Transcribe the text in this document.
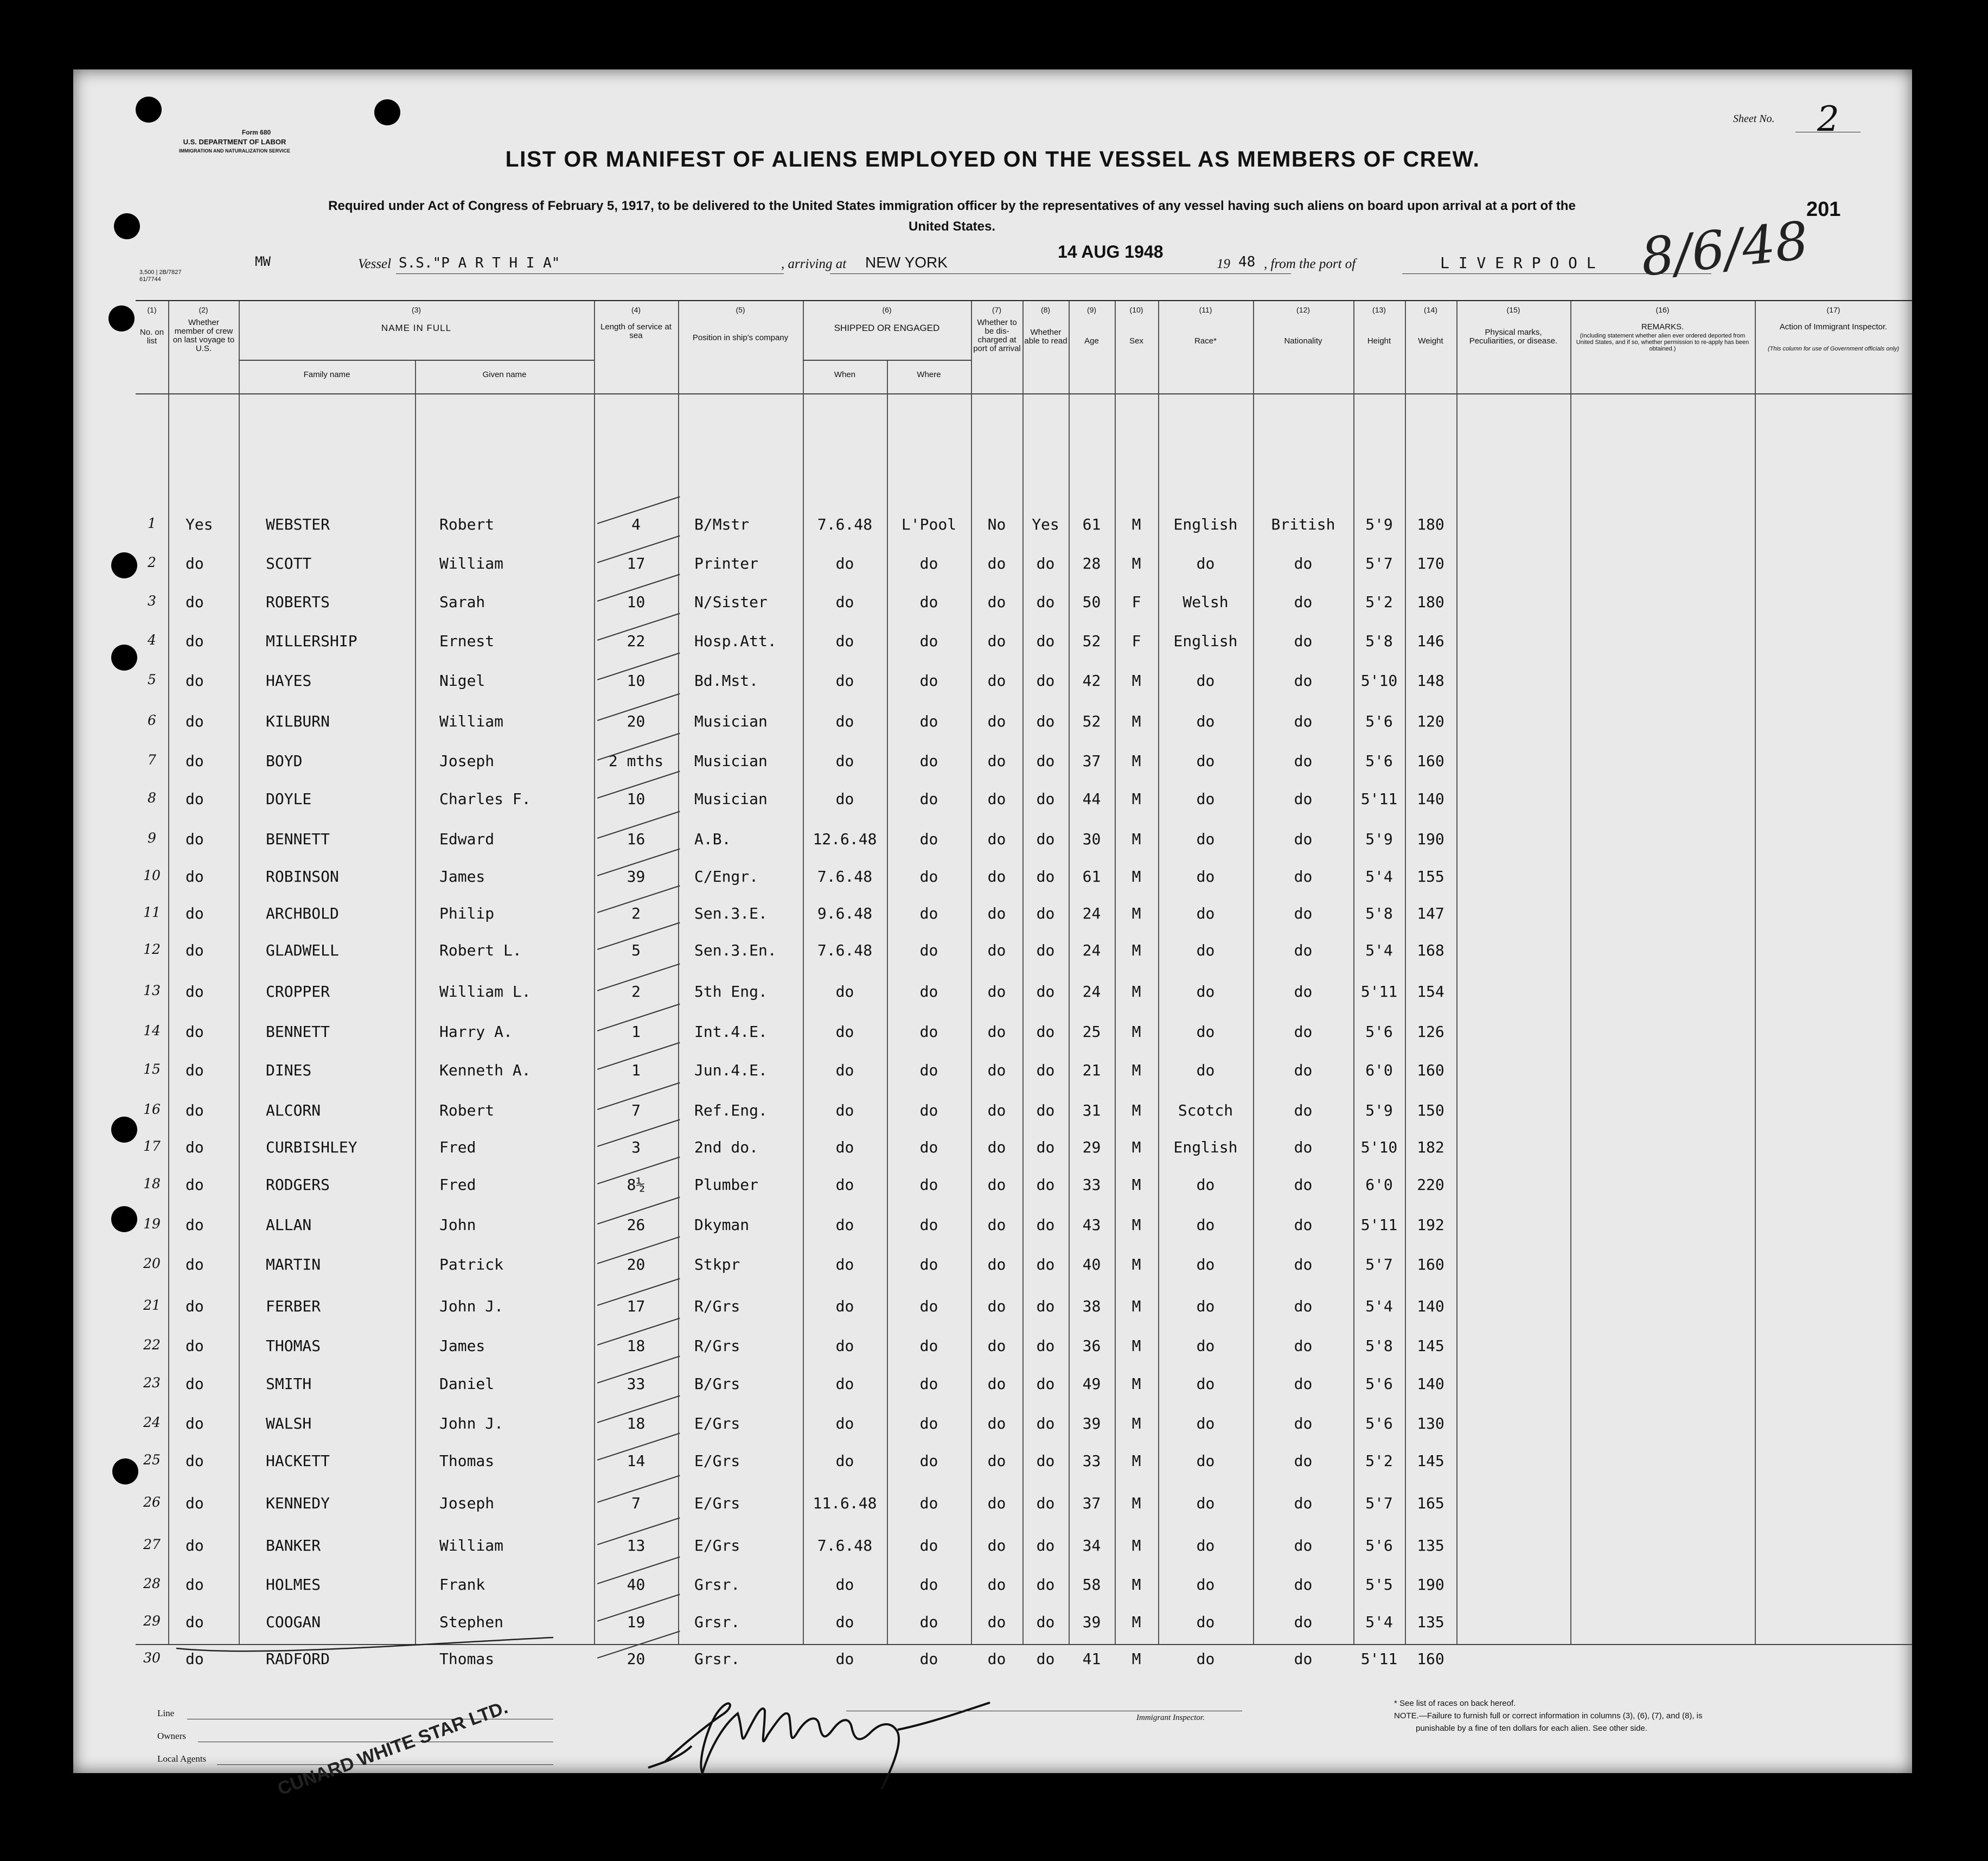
Form 680
U.S. DEPARTMENT OF LABOR
IMMIGRATION AND NATURALIZATION SERVICE
Sheet No. 2
LIST OR MANIFEST OF ALIENS EMPLOYED ON THE VESSEL AS MEMBERS OF CREW.
Required under Act of Congress of February 5, 1917, to be delivered to the United States immigration officer by the representatives of any vessel having such aliens on board upon arrival at a port of the United States.
201
8/6/48
3,500 | 2B/7827
61/7744
MW	Vessel S.S."P A R T H I A"	, arriving at NEW YORK
14 AUG 1948
19 48 , from the port of	L I V E R P O O L
(1)	(2)	(3)	(4)	(5)	(6)	(7)	(8)	(9)	(10)	(11)	(12)	(13)	(14)	(15)	(16)	(17)
No. on list
Whether member of crew on last voyage to U.S.
NAME IN FULL
Family name	Given name
Length of service at sea	Position in ship's company
SHIPPED OR ENGAGED
When	Where
Whether to be dis-charged at port of arrival
Whether able to read	Age	Sex	Race*	Nationality	Height	Weight
Physical marks, Peculiarities, or disease.
REMARKS.
(Including statement whether alien ever ordered deported from United States, and if so, whether permission to re-apply has been obtained.)
Action of Immigrant Inspector.
(This column for use of Government officials only)
1	Yes	WEBSTER	Robert	4	B/Mstr	7.6.48	L'Pool	No	Yes	61	M	English	British	5'9	180
2	do	SCOTT	William	17	Printer	do	do	do	do	28	M	do	do	5'7	170
3	do	ROBERTS	Sarah	10	N/Sister	do	do	do	do	50	F	Welsh	do	5'2	180
4	do	MILLERSHIP	Ernest	22	Hosp.Att.	do	do	do	do	52	F	English	do	5'8	146
5	do	HAYES	Nigel	10	Bd.Mst.	do	do	do	do	42	M	do	do	5'10	148
6	do	KILBURN	William	20	Musician	do	do	do	do	52	M	do	do	5'6	120
7	do	BOYD	Joseph	2 mths	Musician	do	do	do	do	37	M	do	do	5'6	160
8	do	DOYLE	Charles F.	10	Musician	do	do	do	do	44	M	do	do	5'11	140
9	do	BENNETT	Edward	16	A.B.	12.6.48	do	do	do	30	M	do	do	5'9	190
10	do	ROBINSON	James	39	C/Engr.	7.6.48	do	do	do	61	M	do	do	5'4	155
11	do	ARCHBOLD	Philip	2	Sen.3.E.	9.6.48	do	do	do	24	M	do	do	5'8	147
12	do	GLADWELL	Robert L.	5	Sen.3.En.	7.6.48	do	do	do	24	M	do	do	5'4	168
13	do	CROPPER	William L.	2	5th Eng.	do	do	do	do	24	M	do	do	5'11	154
14	do	BENNETT	Harry A.	1	Int.4.E.	do	do	do	do	25	M	do	do	5'6	126
15	do	DINES	Kenneth A.	1	Jun.4.E.	do	do	do	do	21	M	do	do	6'0	160
16	do	ALCORN	Robert	7	Ref.Eng.	do	do	do	do	31	M	Scotch	do	5'9	150
17	do	CURBISHLEY	Fred	3	2nd do.	do	do	do	do	29	M	English	do	5'10	182
18	do	RODGERS	Fred	8½	Plumber	do	do	do	do	33	M	do	do	6'0	220
19	do	ALLAN	John	26	Dkyman	do	do	do	do	43	M	do	do	5'11	192
20	do	MARTIN	Patrick	20	Stkpr	do	do	do	do	40	M	do	do	5'7	160
21	do	FERBER	John J.	17	R/Grs	do	do	do	do	38	M	do	do	5'4	140
22	do	THOMAS	James	18	R/Grs	do	do	do	do	36	M	do	do	5'8	145
23	do	SMITH	Daniel	33	B/Grs	do	do	do	do	49	M	do	do	5'6	140
24	do	WALSH	John J.	18	E/Grs	do	do	do	do	39	M	do	do	5'6	130
25	do	HACKETT	Thomas	14	E/Grs	do	do	do	do	33	M	do	do	5'2	145
26	do	KENNEDY	Joseph	7	E/Grs	11.6.48	do	do	do	37	M	do	do	5'7	165
27	do	BANKER	William	13	E/Grs	7.6.48	do	do	do	34	M	do	do	5'6	135
28	do	HOLMES	Frank	40	Grsr.	do	do	do	do	58	M	do	do	5'5	190
29	do	COOGAN	Stephen	19	Grsr.	do	do	do	do	39	M	do	do	5'4	135
30	do	RADFORD	Thomas	20	Grsr.	do	do	do	do	41	M	do	do	5'11	160
Line
Owners
Local Agents	CUNARD WHITE STAR LTD.	Immigrant Inspector.
* See list of races on back hereof.
NOTE.—Failure to furnish full or correct information in columns (3), (6), (7), and (8), is
punishable by a fine of ten dollars for each alien. See other side.
